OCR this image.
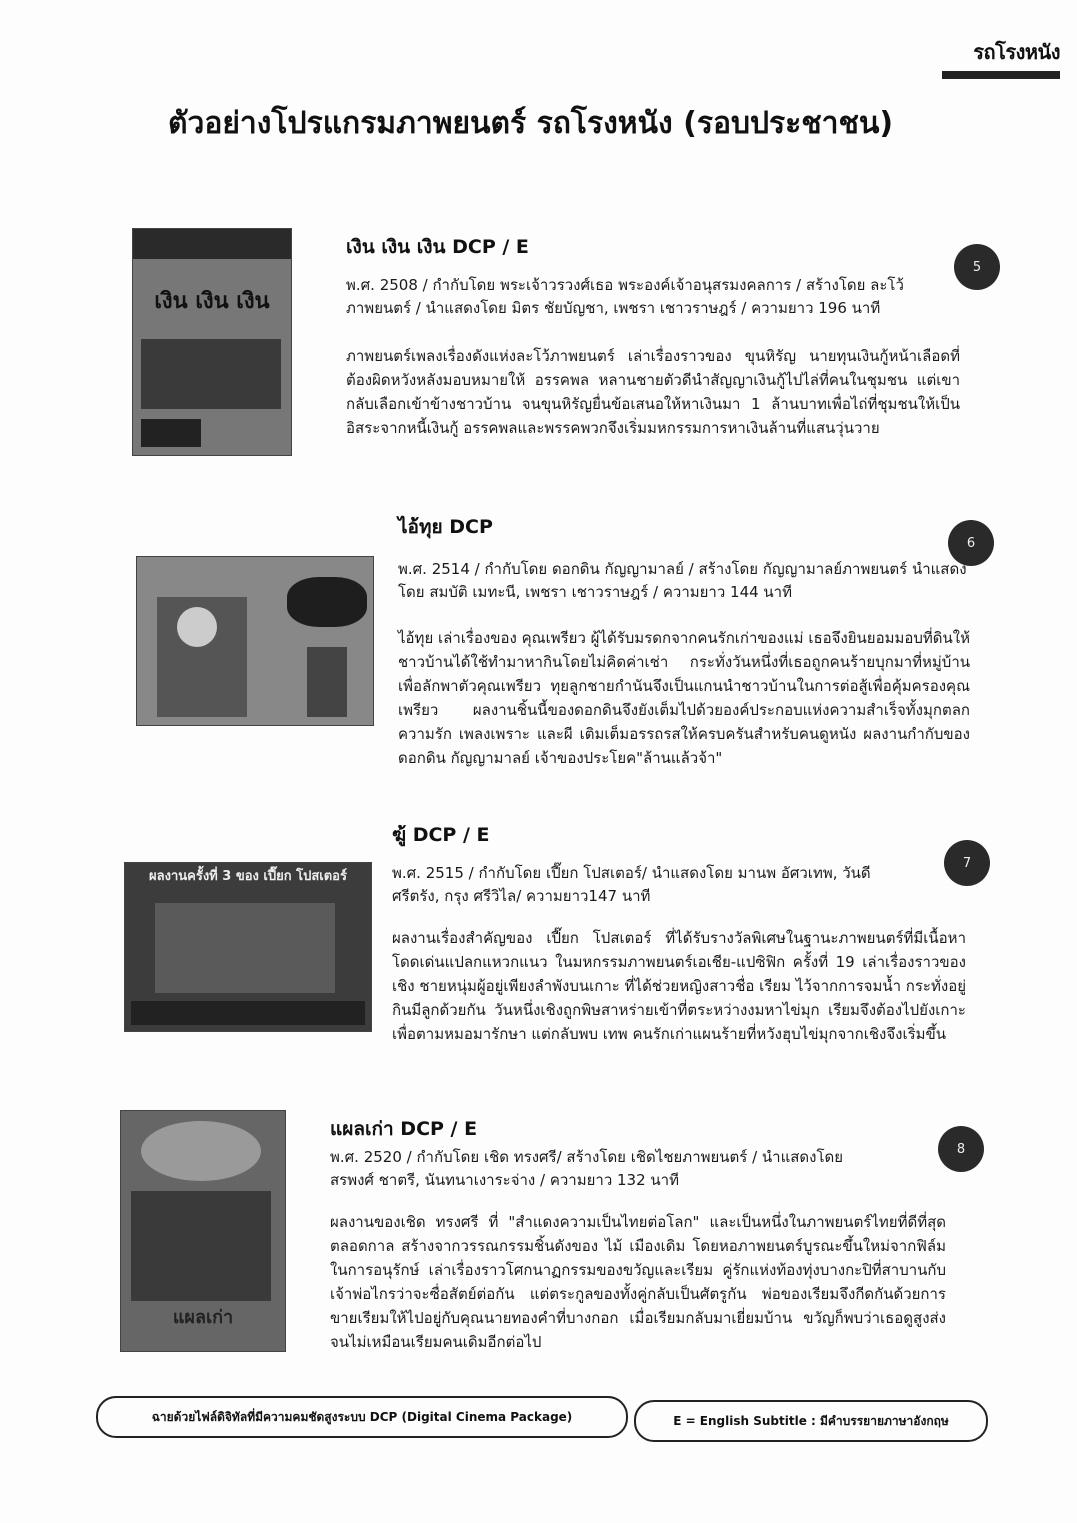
รถโรงหนัง

ตัวอย่างโปรแกรมภาพยนตร์ รถโรงหนัง (รอบประชาชน)
เงิน เงิน เงิน
เงิน เงิน เงิน DCP / E
5
พ.ศ. 2508 / กำกับโดย พระเจ้าวรวงศ์เธอ พระองค์เจ้าอนุสรมงคลการ / สร้างโดย ละโว้ภาพยนตร์ / นำแสดงโดย มิตร ชัยบัญชา, เพชรา เชาวราษฎร์ / ความยาว 196 นาที
ภาพยนตร์เพลงเรื่องดังแห่งละโว้ภาพยนตร์ เล่าเรื่องราวของ ขุนหิรัญ นายทุนเงินกู้หน้าเลือดที่ต้องผิดหวังหลังมอบหมายให้ อรรคพล หลานชายตัวดีนำสัญญาเงินกู้ไปไล่ที่คนในชุมชน แต่เขากลับเลือกเข้าข้างชาวบ้าน จนขุนหิรัญยื่นข้อเสนอให้หาเงินมา 1 ล้านบาทเพื่อไถ่ที่ชุมชนให้เป็นอิสระจากหนี้เงินกู้ อรรคพลและพรรคพวกจึงเริ่มมหกรรมการหาเงินล้านที่แสนวุ่นวาย
ไอ้ทุย DCP
6
พ.ศ. 2514 / กำกับโดย ดอกดิน กัญญามาลย์ / สร้างโดย กัญญามาลย์ภาพยนตร์ นำแสดงโดย สมบัติ เมทะนี, เพชรา เชาวราษฎร์ / ความยาว 144 นาที
ไอ้ทุย เล่าเรื่องของ คุณเพรียว ผู้ได้รับมรดกจากคนรักเก่าของแม่ เธอจึงยินยอมมอบที่ดินให้ชาวบ้านได้ใช้ทำมาหากินโดยไม่คิดค่าเช่า กระทั่งวันหนึ่งที่เธอถูกคนร้ายบุกมาที่หมู่บ้านเพื่อลักพาตัวคุณเพรียว ทุยลูกชายกำนันจึงเป็นแกนนำชาวบ้านในการต่อสู้เพื่อคุ้มครองคุณเพรียว ผลงานชิ้นนี้ของดอกดินจึงยังเต็มไปด้วยองค์ประกอบแห่งความสำเร็จทั้งมุกตลก ความรัก เพลงเพราะ และผี เติมเต็มอรรถรสให้ครบครันสำหรับคนดูหนัง ผลงานกำกับของดอกดิน กัญญามาลย์ เจ้าของประโยค"ล้านแล้วจ้า"
ผลงานครั้งที่ 3 ของ เปี๊ยก โปสเตอร์
ฆู้ DCP / E
7
พ.ศ. 2515 / กำกับโดย เปี๊ยก โปสเตอร์/ นำแสดงโดย มานพ อัศวเทพ, วันดี ศรีตรัง, กรุง ศรีวิไล/ ความยาว147 นาที
ผลงานเรื่องสำคัญของ เปี๊ยก โปสเตอร์ ที่ได้รับรางวัลพิเศษในฐานะภาพยนตร์ที่มีเนื้อหาโดดเด่นแปลกแหวกแนว ในมหกรรมภาพยนตร์เอเชีย-แปซิฟิก ครั้งที่ 19 เล่าเรื่องราวของ เชิง ชายหนุ่มผู้อยู่เพียงลำพังบนเกาะ ที่ได้ช่วยหญิงสาวชื่อ เรียม ไว้จากการจมน้ำ กระทั่งอยู่กินมีลูกด้วยกัน วันหนึ่งเชิงถูกพิษสาหร่ายเข้าที่ตระหว่างงมหาไข่มุก เรียมจึงต้องไปยังเกาะเพื่อตามหมอมารักษา แต่กลับพบ เทพ คนรักเก่าแผนร้ายที่หวังฮุบไข่มุกจากเชิงจึงเริ่มขึ้น
แผลเก่า
แผลเก่า DCP / E
8
พ.ศ. 2520 / กำกับโดย เชิด ทรงศรี/ สร้างโดย เชิดไชยภาพยนตร์ / นำแสดงโดย สรพงศ์ ชาตรี, นันทนาเงาระจ่าง / ความยาว 132 นาที
ผลงานของเชิด ทรงศรี ที่ "สำแดงความเป็นไทยต่อโลก" และเป็นหนึ่งในภาพยนตร์ไทยที่ดีที่สุดตลอดกาล สร้างจากวรรณกรรมชิ้นดังของ ไม้ เมืองเดิม โดยหอภาพยนตร์บูรณะขึ้นใหม่จากฟิล์มในการอนุรักษ์ เล่าเรื่องราวโศกนาฏกรรมของขวัญและเรียม คู่รักแห่งท้องทุ่งบางกะปิที่สาบานกับเจ้าพ่อไกรว่าจะซื่อสัตย์ต่อกัน แต่ตระกูลของทั้งคู่กลับเป็นศัตรูกัน พ่อของเรียมจึงกีดกันด้วยการขายเรียมให้ไปอยู่กับคุณนายทองคำที่บางกอก เมื่อเรียมกลับมาเยี่ยมบ้าน ขวัญก็พบว่าเธอดูสูงส่งจนไม่เหมือนเรียมคนเดิมอีกต่อไป
ฉายด้วยไฟล์ดิจิทัลที่มีความคมชัดสูงระบบ DCP (Digital Cinema Package)	E = English Subtitle : มีคำบรรยายภาษาอังกฤษ
